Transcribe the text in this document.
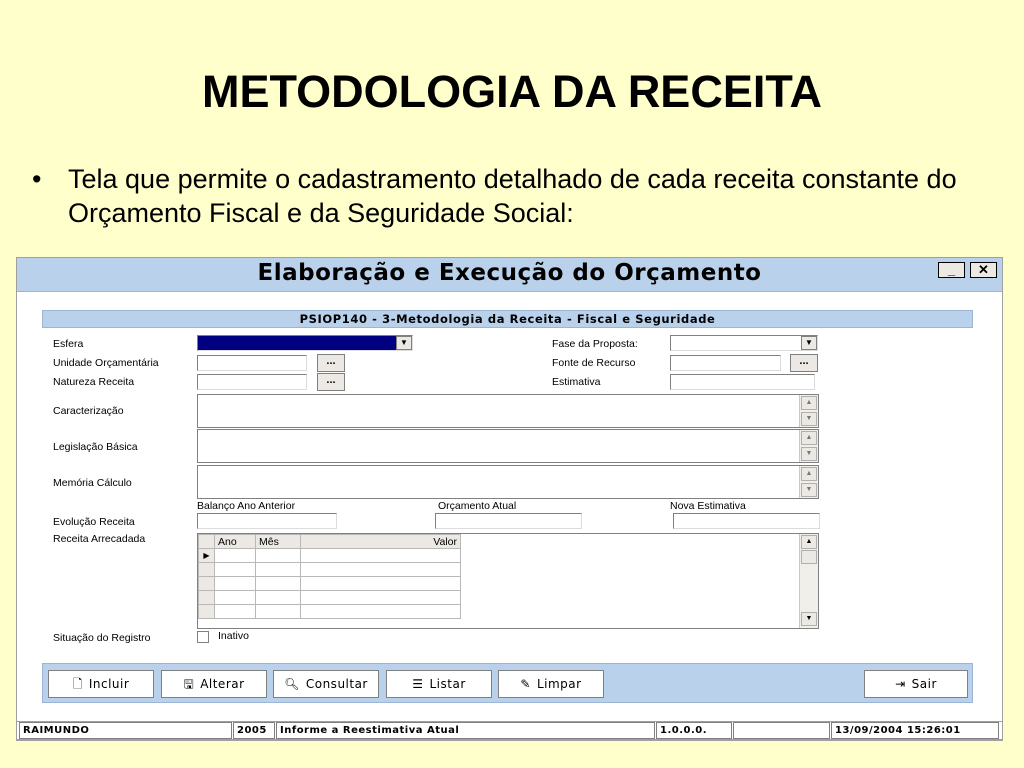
METODOLOGIA DA RECEITA
• Tela que permite o cadastramento detalhado de cada receita constante do Orçamento Fiscal e da Seguridade Social:
Elaboração e Execução do Orçamento	_	✕
PSIOP140 - 3-Metodologia da Receita - Fiscal e Seguridade
Esfera
Unidade Orçamentária
Natureza Receita
Caracterização
Legislação Básica
Memória Cálculo
Evolução Receita
Receita Arrecadada
Situação do Registro
▼
...
...
Fase da Proposta:	▼
Fonte de Recurso	...
Estimativa
▲
▼
▲
▼
▲
▼
Balanço Ano Anterior	Orçamento Atual	Nova Estimativa
	Ano	Mês	Valor
▶			

▲
▼
Inativo
🗋 Incluir	🖫 Alterar	🔍︎ Consultar	☰ Listar	✎ Limpar	⇥ Sair
RAIMUNDO	2005	Informe a Reestimativa Atual	1.0.0.0.	13/09/2004 15:26:01
